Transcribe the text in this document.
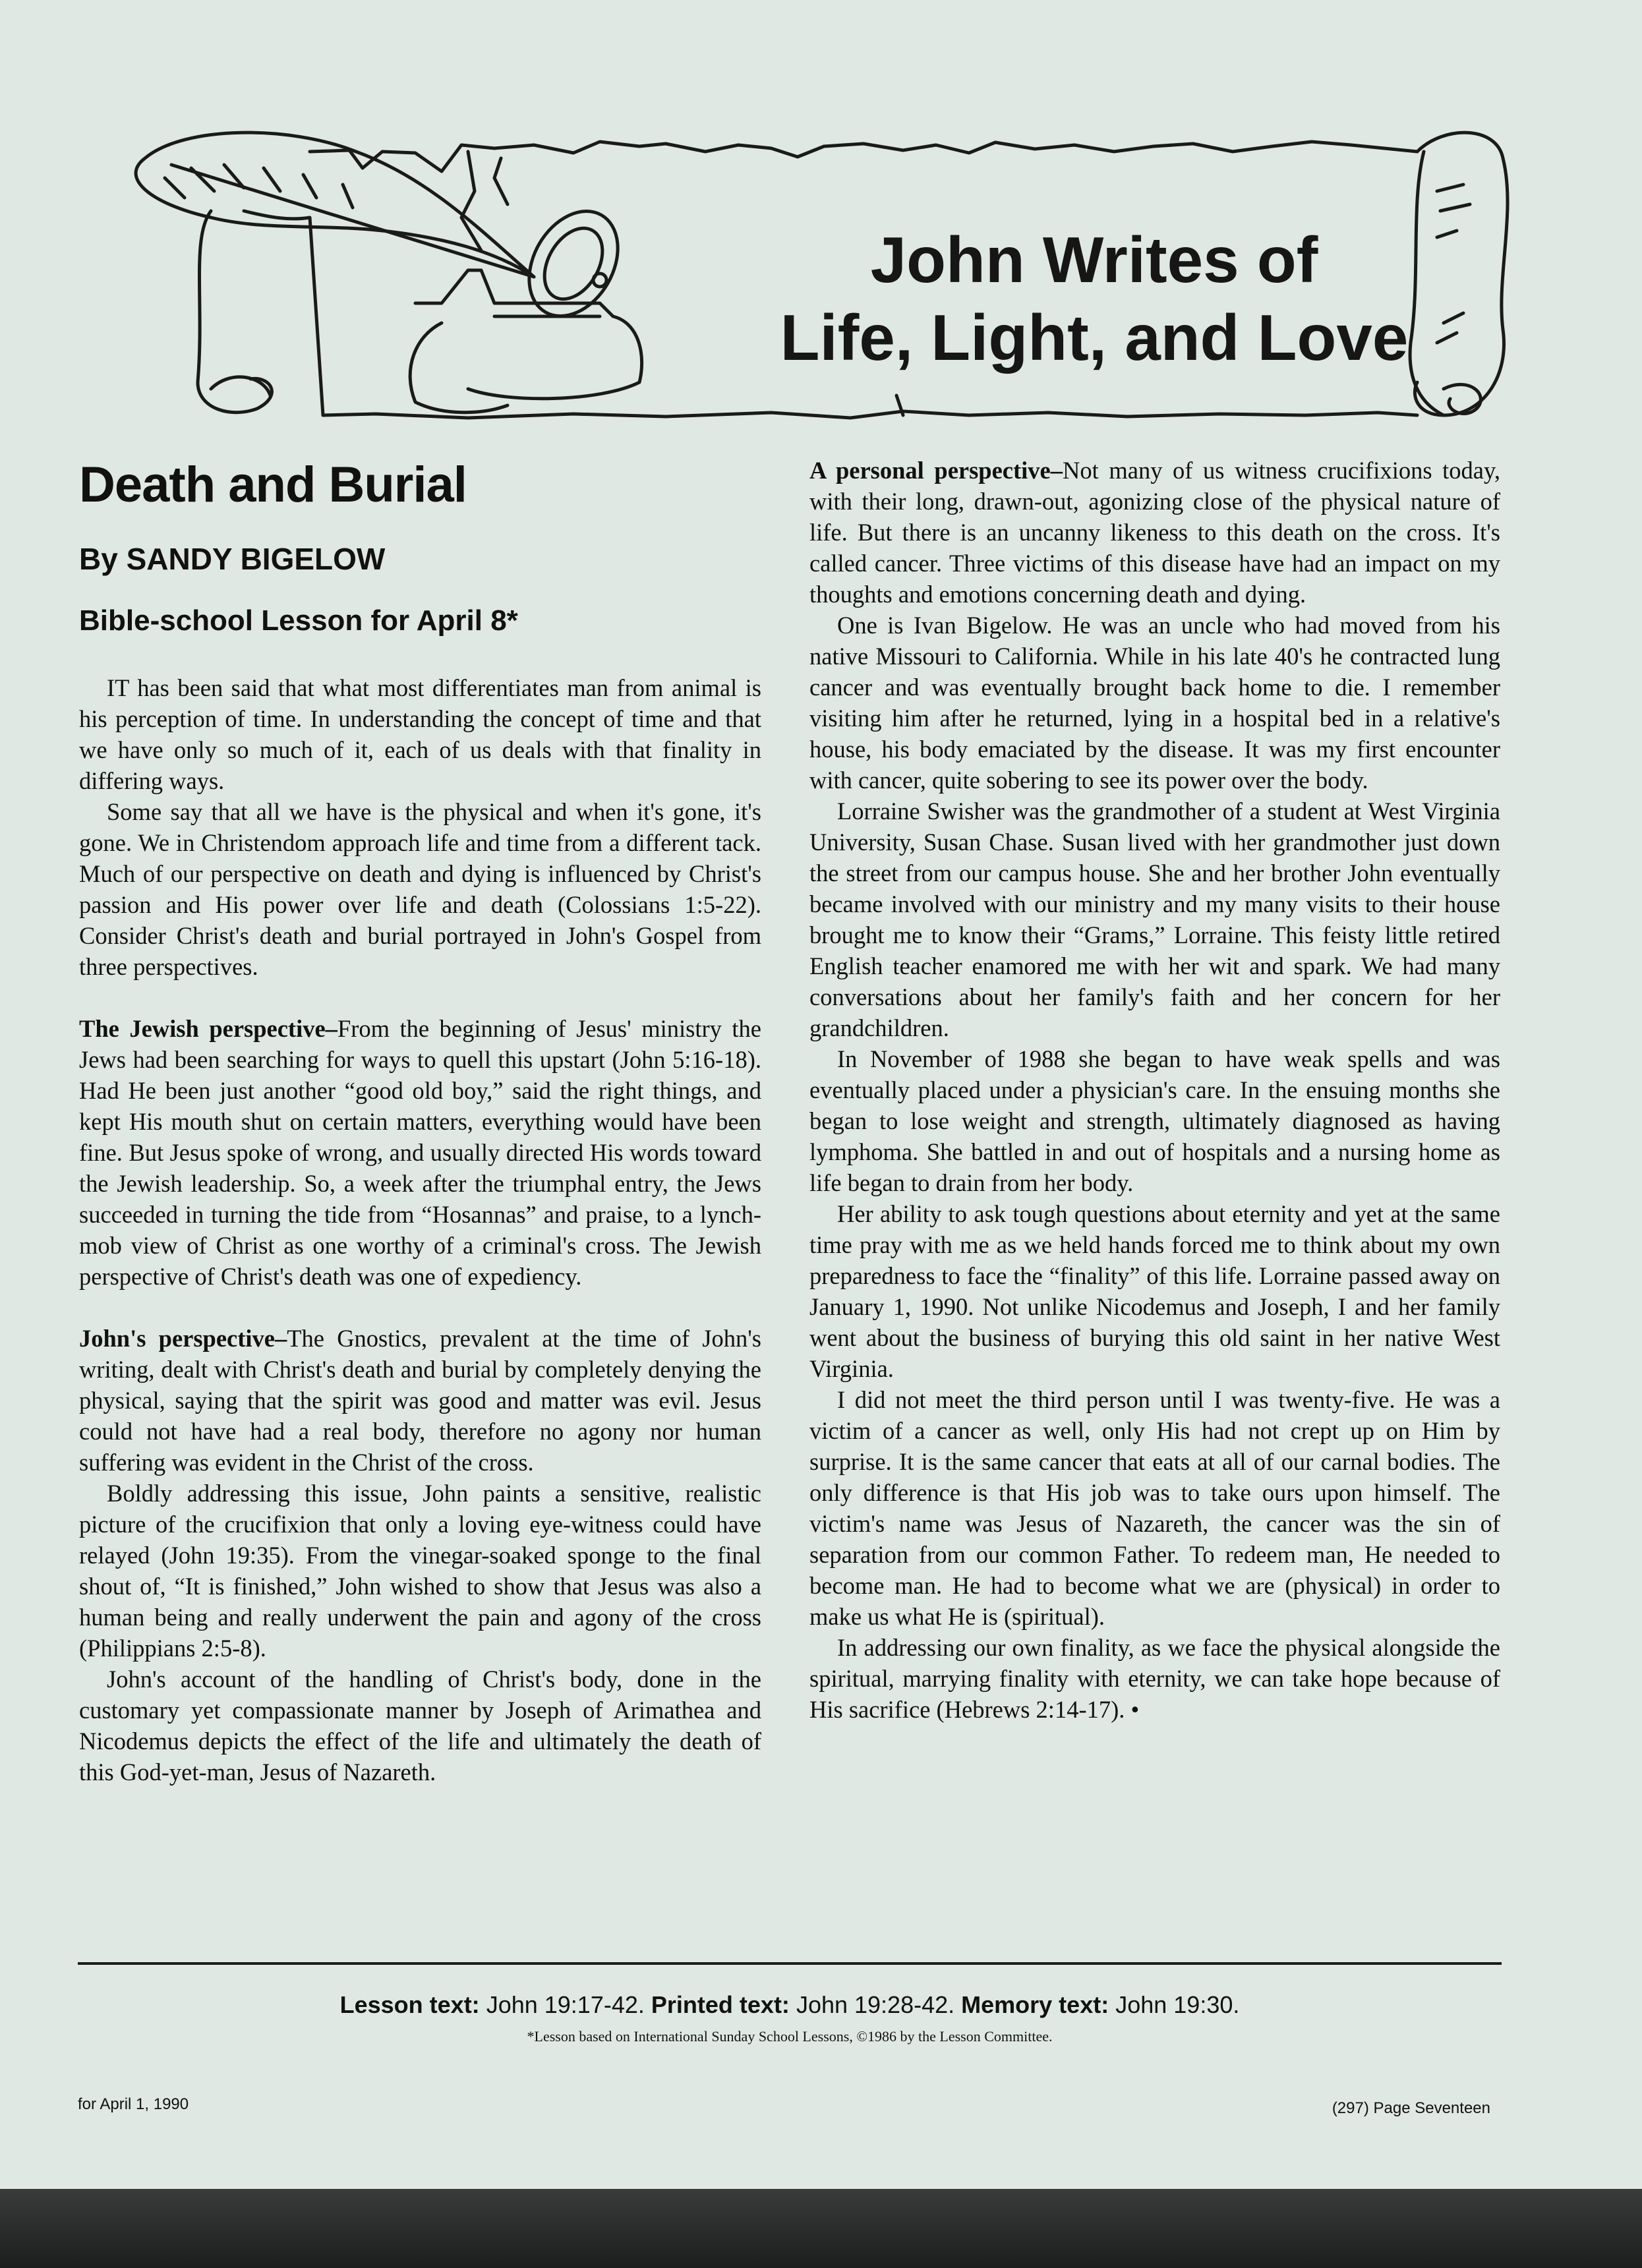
John Writes of
Life, Light, and Love
Death and Burial
By SANDY BIGELOW
Bible-school Lesson for April 8*

IT has been said that what most differentiates man from animal is his perception of time. In understanding the concept of time and that we have only so much of it, each of us deals with that finality in differing ways.

Some say that all we have is the physical and when it's gone, it's gone. We in Christendom approach life and time from a different tack. Much of our perspective on death and dying is influenced by Christ's passion and His power over life and death (Colossians 1:5-22). Consider Christ's death and burial portrayed in John's Gospel from three perspectives.

The Jewish perspective–From the beginning of Jesus' ministry the Jews had been searching for ways to quell this upstart (John 5:16-18). Had He been just another “good old boy,” said the right things, and kept His mouth shut on certain matters, everything would have been fine. But Jesus spoke of wrong, and usually directed His words toward the Jewish leadership. So, a week after the triumphal entry, the Jews succeeded in turning the tide from “Hosannas” and praise, to a lynch-mob view of Christ as one worthy of a criminal's cross. The Jewish perspective of Christ's death was one of expediency.

John's perspective–The Gnostics, prevalent at the time of John's writing, dealt with Christ's death and burial by completely denying the physical, saying that the spirit was good and matter was evil. Jesus could not have had a real body, therefore no agony nor human suffering was evident in the Christ of the cross.

Boldly addressing this issue, John paints a sensitive, realistic picture of the crucifixion that only a loving eye-witness could have relayed (John 19:35). From the vinegar-soaked sponge to the final shout of, “It is finished,” John wished to show that Jesus was also a human being and really underwent the pain and agony of the cross (Philippians 2:5-8).

John's account of the handling of Christ's body, done in the customary yet compassionate manner by Joseph of Arimathea and Nicodemus depicts the effect of the life and ultimately the death of this God-yet-man, Jesus of Nazareth.

A personal perspective–Not many of us witness crucifixions today, with their long, drawn-out, agonizing close of the physical nature of life. But there is an uncanny likeness to this death on the cross. It's called cancer. Three victims of this disease have had an impact on my thoughts and emotions concerning death and dying.

One is Ivan Bigelow. He was an uncle who had moved from his native Missouri to California. While in his late 40's he contracted lung cancer and was eventually brought back home to die. I remember visiting him after he returned, lying in a hospital bed in a relative's house, his body emaciated by the disease. It was my first encounter with cancer, quite sobering to see its power over the body.

Lorraine Swisher was the grandmother of a student at West Virginia University, Susan Chase. Susan lived with her grandmother just down the street from our campus house. She and her brother John eventually became involved with our ministry and my many visits to their house brought me to know their “Grams,” Lorraine. This feisty little retired English teacher enamored me with her wit and spark. We had many conversations about her family's faith and her concern for her grandchildren.

In November of 1988 she began to have weak spells and was eventually placed under a physician's care. In the ensuing months she began to lose weight and strength, ultimately diagnosed as having lymphoma. She battled in and out of hospitals and a nursing home as life began to drain from her body.

Her ability to ask tough questions about eternity and yet at the same time pray with me as we held hands forced me to think about my own preparedness to face the “finality” of this life. Lorraine passed away on January 1, 1990. Not unlike Nicodemus and Joseph, I and her family went about the business of burying this old saint in her native West Virginia.

I did not meet the third person until I was twenty-five. He was a victim of a cancer as well, only His had not crept up on Him by surprise. It is the same cancer that eats at all of our carnal bodies. The only difference is that His job was to take ours upon himself. The victim's name was Jesus of Nazareth, the cancer was the sin of separation from our common Father. To redeem man, He needed to become man. He had to become what we are (physical) in order to make us what He is (spiritual).

In addressing our own finality, as we face the physical alongside the spiritual, marrying finality with eternity, we can take hope because of His sacrifice (Hebrews 2:14-17). •

Lesson text: John 19:17-42. Printed text: John 19:28-42. Memory text: John 19:30.
*Lesson based on International Sunday School Lessons, ©1986 by the Lesson Committee.
for April 1, 1990	(297) Page Seventeen
